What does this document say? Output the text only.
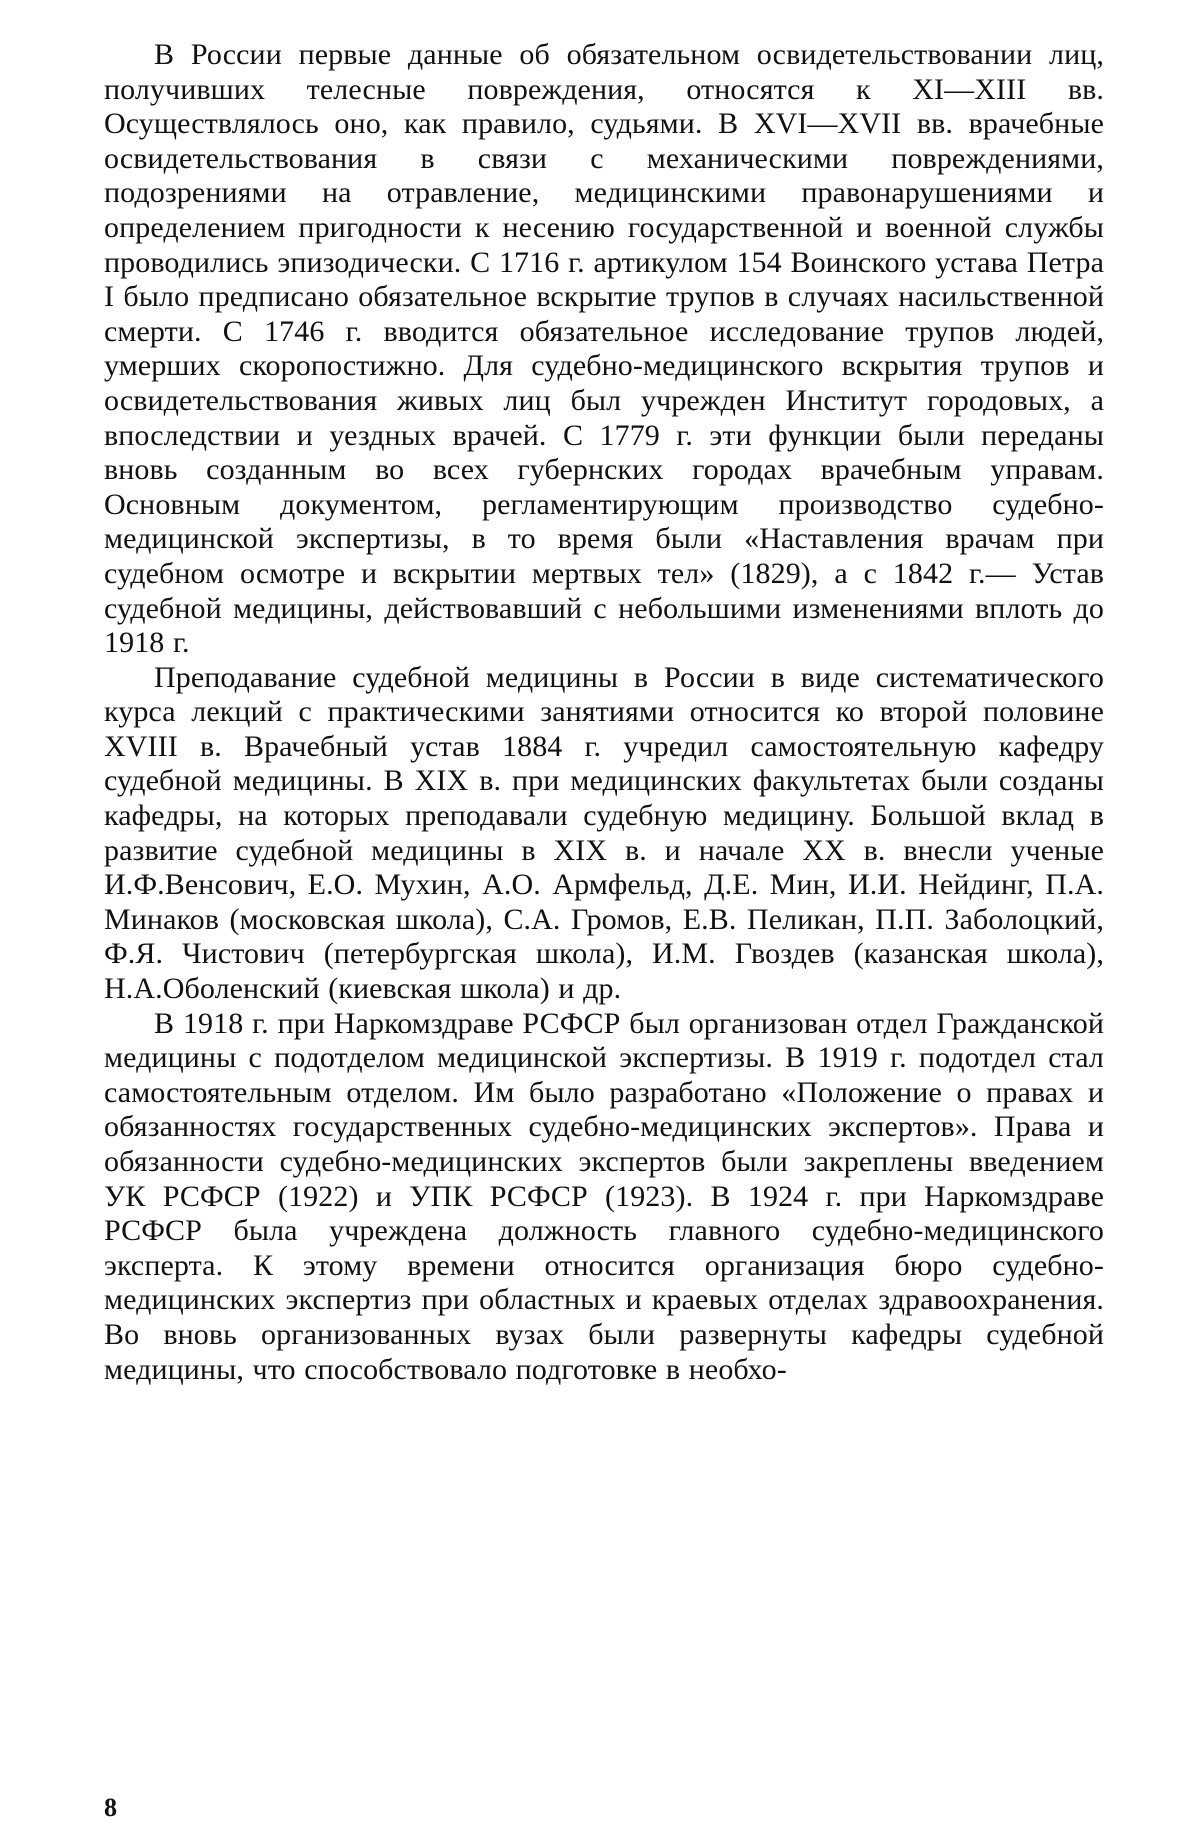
В России первые данные об обязательном освидетельствовании лиц, получивших телесные повреждения, относятся к XI—XIII вв. Осуществлялось оно, как правило, судьями. В XVI—XVII вв. врачебные освидетельствования в связи с механическими повреждениями, подозрениями на отравление, медицинскими правонарушениями и определением пригодности к несению государственной и военной службы проводились эпизодически. С 1716 г. артикулом 154 Воинского устава Петра I было предписано обязательное вскрытие трупов в случаях насильственной смерти. С 1746 г. вводится обязательное исследование трупов людей, умерших скоропостижно. Для судебно-медицинского вскрытия трупов и освидетельствования живых лиц был учрежден Институт городовых, а впоследствии и уездных врачей. С 1779 г. эти функции были переданы вновь созданным во всех губернских городах врачебным управам. Основным документом, регламентирующим производство судебно-медицинской экспертизы, в то время были «Наставления врачам при судебном осмотре и вскрытии мертвых тел» (1829), а с 1842 г.— Устав судебной медицины, действовавший с небольшими изменениями вплоть до 1918 г.

Преподавание судебной медицины в России в виде систематического курса лекций с практическими занятиями относится ко второй половине XVIII в. Врачебный устав 1884 г. учредил самостоятельную кафедру судебной медицины. В XIX в. при медицинских факультетах были созданы кафедры, на которых преподавали судебную медицину. Большой вклад в развитие судебной медицины в XIX в. и начале XX в. внесли ученые И.Ф.Венсович, Е.О. Мухин, А.О. Армфельд, Д.Е. Мин, И.И. Нейдинг, П.А. Минаков (московская школа), С.А. Громов, Е.В. Пеликан, П.П. Заболоцкий, Ф.Я. Чистович (петербургская школа), И.М. Гвоздев (казанская школа), Н.А.Оболенский (киевская школа) и др.

В 1918 г. при Наркомздраве РСФСР был организован отдел Гражданской медицины с подотделом медицинской экспертизы. В 1919 г. подотдел стал самостоятельным отделом. Им было разработано «Положение о правах и обязанностях государственных судебно-медицинских экспертов». Права и обязанности судебно-медицинских экспертов были закреплены введением УК РСФСР (1922) и УПК РСФСР (1923). В 1924 г. при Наркомздраве РСФСР была учреждена должность главного судебно-медицинского эксперта. К этому времени относится организация бюро судебно-медицинских экспертиз при областных и краевых отделах здравоохранения. Во вновь организованных вузах были развернуты кафедры судебной медицины, что способствовало подготовке в необхо-

8
